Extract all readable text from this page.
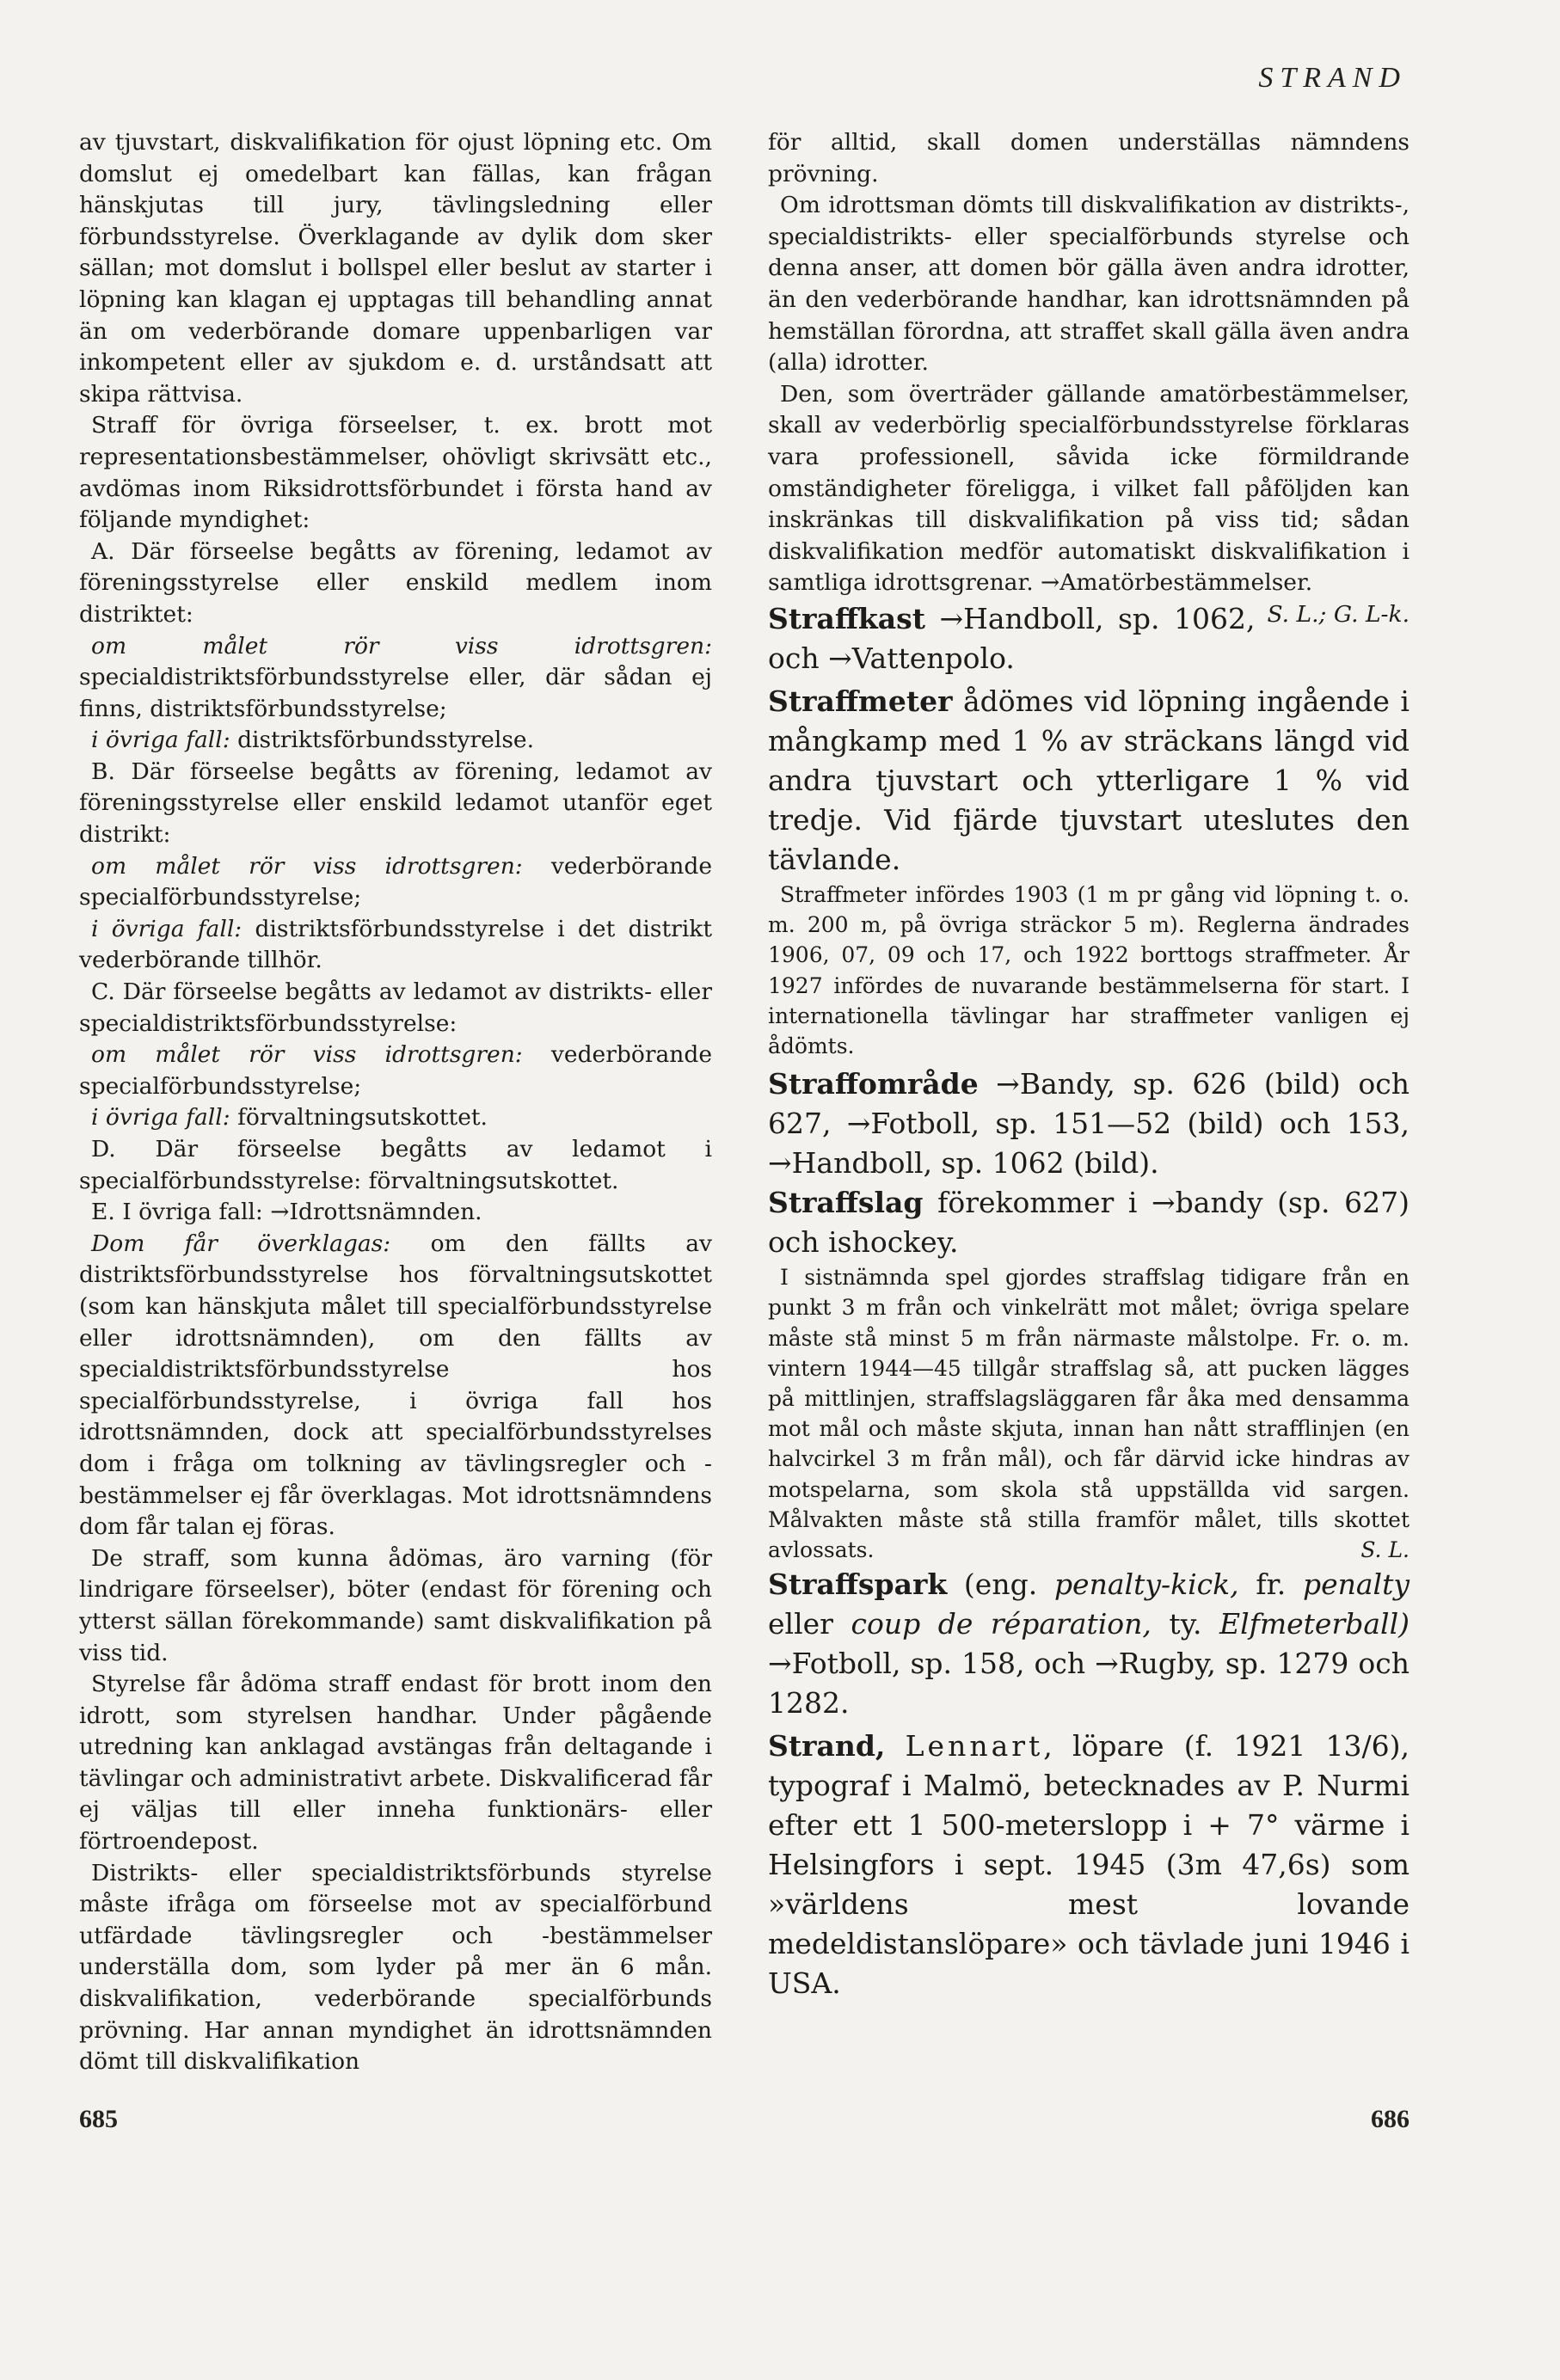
STRAND

av tjuvstart, diskvalifikation för ojust löpning etc. Om domslut ej omedelbart kan fällas, kan frågan hänskjutas till jury, tävlingsledning eller förbundsstyrelse. Överklagande av dylik dom sker sällan; mot domslut i bollspel eller beslut av starter i löpning kan klagan ej upptagas till behandling annat än om vederbörande domare uppenbarligen var inkompetent eller av sjukdom e. d. urståndsatt att skipa rättvisa.

Straff för övriga förseelser, t. ex. brott mot representationsbestämmelser, ohövligt skrivsätt etc., avdömas inom Riksidrottsförbundet i första hand av följande myndighet:

A. Där förseelse begåtts av förening, ledamot av föreningsstyrelse eller enskild medlem inom distriktet:

om målet rör viss idrottsgren: specialdistriktsförbundsstyrelse eller, där sådan ej finns, distriktsförbundsstyrelse;

i övriga fall: distriktsförbundsstyrelse.

B. Där förseelse begåtts av förening, ledamot av föreningsstyrelse eller enskild ledamot utanför eget distrikt:

om målet rör viss idrottsgren: vederbörande specialförbundsstyrelse;

i övriga fall: distriktsförbundsstyrelse i det distrikt vederbörande tillhör.

C. Där förseelse begåtts av ledamot av distrikts- eller specialdistriktsförbundsstyrelse:

om målet rör viss idrottsgren: vederbörande specialförbundsstyrelse;

i övriga fall: förvaltningsutskottet.

D. Där förseelse begåtts av ledamot i specialförbundsstyrelse: förvaltningsutskottet.

E. I övriga fall: →Idrottsnämnden.

Dom får överklagas: om den fällts av distriktsförbundsstyrelse hos förvaltningsutskottet (som kan hänskjuta målet till specialförbundsstyrelse eller idrottsnämnden), om den fällts av specialdistriktsförbundsstyrelse hos specialförbundsstyrelse, i övriga fall hos idrottsnämnden, dock att specialförbundsstyrelses dom i fråga om tolkning av tävlingsregler och -bestämmelser ej får överklagas. Mot idrottsnämndens dom får talan ej föras.

De straff, som kunna ådömas, äro varning (för lindrigare förseelser), böter (endast för förening och ytterst sällan förekommande) samt diskvalifikation på viss tid.

Styrelse får ådöma straff endast för brott inom den idrott, som styrelsen handhar. Under pågående utredning kan anklagad avstängas från deltagande i tävlingar och administrativt arbete. Diskvalificerad får ej väljas till eller inneha funktionärs- eller förtroendepost.

Distrikts- eller specialdistriktsförbunds styrelse måste ifråga om förseelse mot av specialförbund utfärdade tävlingsregler och -bestämmelser underställa dom, som lyder på mer än 6 mån. diskvalifikation, vederbörande specialförbunds prövning. Har annan myndighet än idrottsnämnden dömt till diskvalifikation

för alltid, skall domen underställas nämndens prövning.

Om idrottsman dömts till diskvalifikation av distrikts-, specialdistrikts- eller specialförbunds styrelse och denna anser, att domen bör gälla även andra idrotter, än den vederbörande handhar, kan idrottsnämnden på hemställan förordna, att straffet skall gälla även andra (alla) idrotter.

Den, som överträder gällande amatörbestämmelser, skall av vederbörlig specialförbundsstyrelse förklaras vara professionell, såvida icke förmildrande omständigheter föreligga, i vilket fall påföljden kan inskränkas till diskvalifikation på viss tid; sådan diskvalifikation medför automatiskt diskvalifikation i samtliga idrottsgrenar. →Amatörbestämmelser.
S. L.; G. L-k.

Straffkast →Handboll, sp. 1062, och →Vattenpolo.

Straffmeter ådömes vid löpning ingående i mångkamp med 1 % av sträckans längd vid andra tjuvstart och ytterligare 1 % vid tredje. Vid fjärde tjuvstart uteslutes den tävlande.

Straffmeter infördes 1903 (1 m pr gång vid löpning t. o. m. 200 m, på övriga sträckor 5 m). Reglerna ändrades 1906, 07, 09 och 17, och 1922 borttogs straffmeter. År 1927 infördes de nuvarande bestämmelserna för start. I internationella tävlingar har straffmeter vanligen ej ådömts.

Straffområde →Bandy, sp. 626 (bild) och 627, →Fotboll, sp. 151—52 (bild) och 153, →Handboll, sp. 1062 (bild).

Straffslag förekommer i →bandy (sp. 627) och ishockey.

I sistnämnda spel gjordes straffslag tidigare från en punkt 3 m från och vinkelrätt mot målet; övriga spelare måste stå minst 5 m från närmaste målstolpe. Fr. o. m. vintern 1944—45 tillgår straffslag så, att pucken lägges på mittlinjen, straffslagsläggaren får åka med densamma mot mål och måste skjuta, innan han nått strafflinjen (en halvcirkel 3 m från mål), och får därvid icke hindras av motspelarna, som skola stå uppställda vid sargen. Målvakten måste stå stilla framför målet, tills skottet avlossats.	S. L.

Straffspark (eng. penalty-kick, fr. penalty eller coup de réparation, ty. Elfmeterball) →Fotboll, sp. 158, och →Rugby, sp. 1279 och 1282.

Strand, Lennart, löpare (f. 1921 13/6), typograf i Malmö, betecknades av P. Nurmi efter ett 1 500-meterslopp i + 7° värme i Helsingfors i sept. 1945 (3m 47,6s) som »världens mest lovande medeldistanslöpare» och tävlade juni 1946 i USA.

685	686
